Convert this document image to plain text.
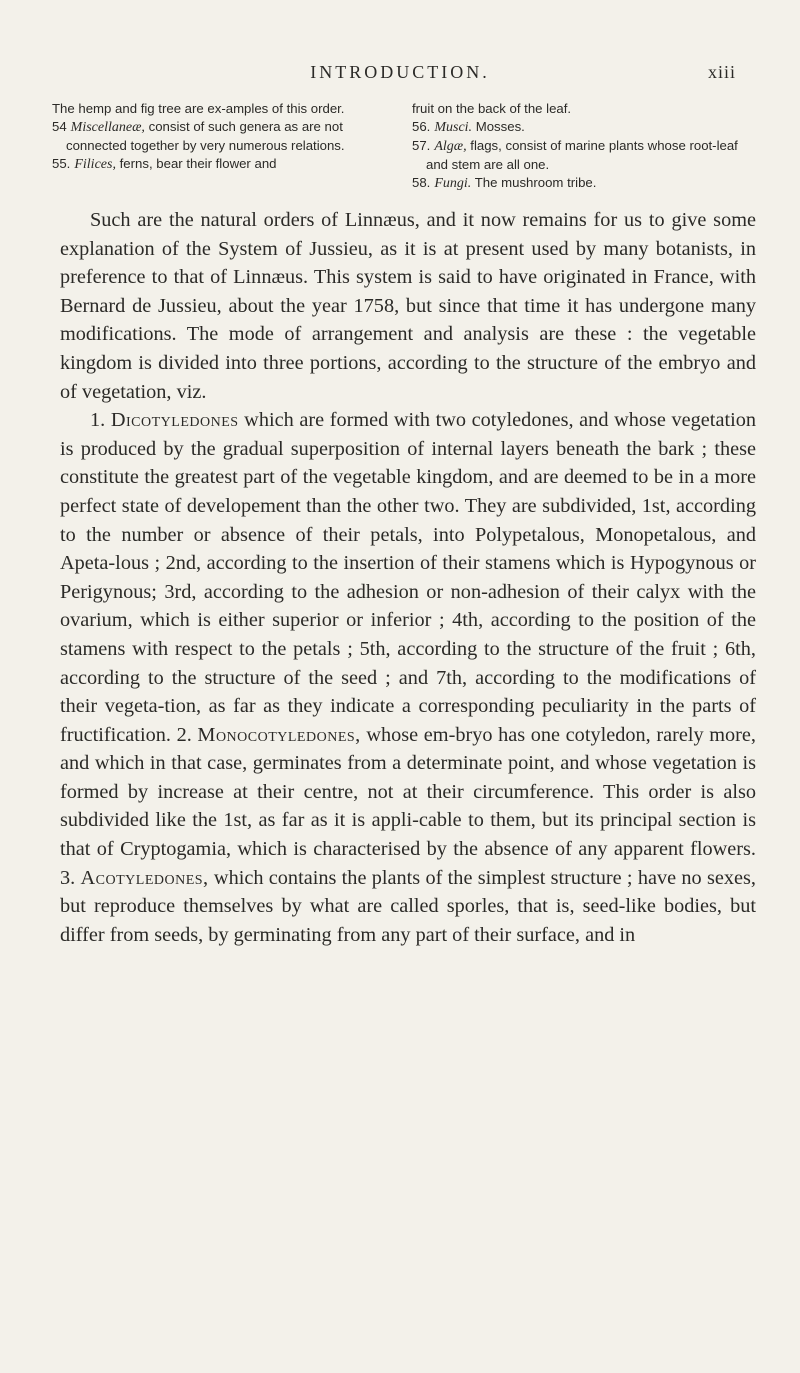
INTRODUCTION.	xiii

The hemp and fig tree are ex-amples of this order.

54 Miscellaneæ, consist of such genera as are not connected together by very numerous relations.

55. Filices, ferns, bear their flower and

fruit on the back of the leaf.

56. Musci. Mosses.

57. Algæ, flags, consist of marine plants whose root-leaf and stem are all one.

58. Fungi. The mushroom tribe.

Such are the natural orders of Linnæus, and it now remains for us to give some explanation of the System of Jussieu, as it is at present used by many botanists, in preference to that of Linnæus. This system is said to have originated in France, with Bernard de Jussieu, about the year 1758, but since that time it has undergone many modifications. The mode of arrangement and analysis are these : the vegetable kingdom is divided into three portions, according to the structure of the embryo and of vegetation, viz.

1. Dicotyledones which are formed with two cotyledones, and whose vegetation is produced by the gradual superposition of internal layers beneath the bark ; these constitute the greatest part of the vegetable kingdom, and are deemed to be in a more perfect state of developement than the other two. They are subdivided, 1st, according to the number or absence of their petals, into Polypetalous, Monopetalous, and Apeta-lous ; 2nd, according to the insertion of their stamens which is Hypogynous or Perigynous; 3rd, according to the adhesion or non-adhesion of their calyx with the ovarium, which is either superior or inferior ; 4th, according to the position of the stamens with respect to the petals ; 5th, according to the structure of the fruit ; 6th, according to the structure of the seed ; and 7th, according to the modifications of their vegeta-tion, as far as they indicate a corresponding peculiarity in the parts of fructification. 2. Monocotyledones, whose em-bryo has one cotyledon, rarely more, and which in that case, germinates from a determinate point, and whose vegetation is formed by increase at their centre, not at their circumference. This order is also subdivided like the 1st, as far as it is appli-cable to them, but its principal section is that of Cryptogamia, which is characterised by the absence of any apparent flowers. 3. Acotyledones, which contains the plants of the simplest structure ; have no sexes, but reproduce themselves by what are called sporles, that is, seed-like bodies, but differ from seeds, by germinating from any part of their surface, and in
